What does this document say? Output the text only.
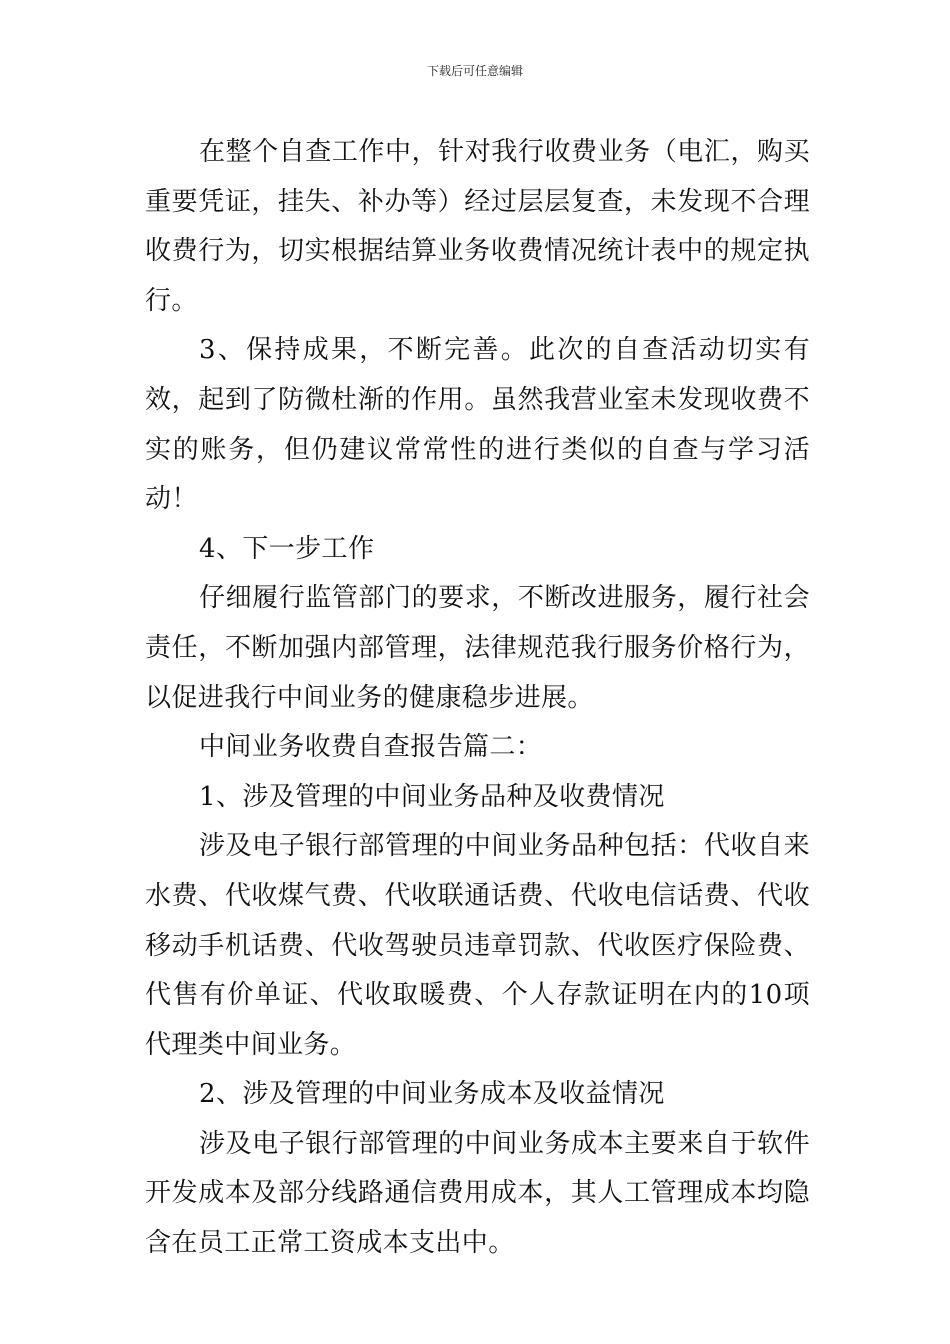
下载后可任意编辑

在整个自查工作中，针对我行收费业务（电汇，购买重要凭证，挂失、补办等）经过层层复查，未发现不合理收费行为，切实根据结算业务收费情况统计表中的规定执行。

3、保持成果，不断完善。此次的自查活动切实有效，起到了防微杜渐的作用。虽然我营业室未发现收费不实的账务，但仍建议常常性的进行类似的自查与学习活动！

4、下一步工作

仔细履行监管部门的要求，不断改进服务，履行社会责任，不断加强内部管理，法律规范我行服务价格行为，以促进我行中间业务的健康稳步进展。

中间业务收费自查报告篇二：

1、涉及管理的中间业务品种及收费情况

涉及电子银行部管理的中间业务品种包括：代收自来水费、代收煤气费、代收联通话费、代收电信话费、代收移动手机话费、代收驾驶员违章罚款、代收医疗保险费、代售有价单证、代收取暖费、个人存款证明在内的10项代理类中间业务。

2、涉及管理的中间业务成本及收益情况

涉及电子银行部管理的中间业务成本主要来自于软件开发成本及部分线路通信费用成本，其人工管理成本均隐含在员工正常工资成本支出中。
